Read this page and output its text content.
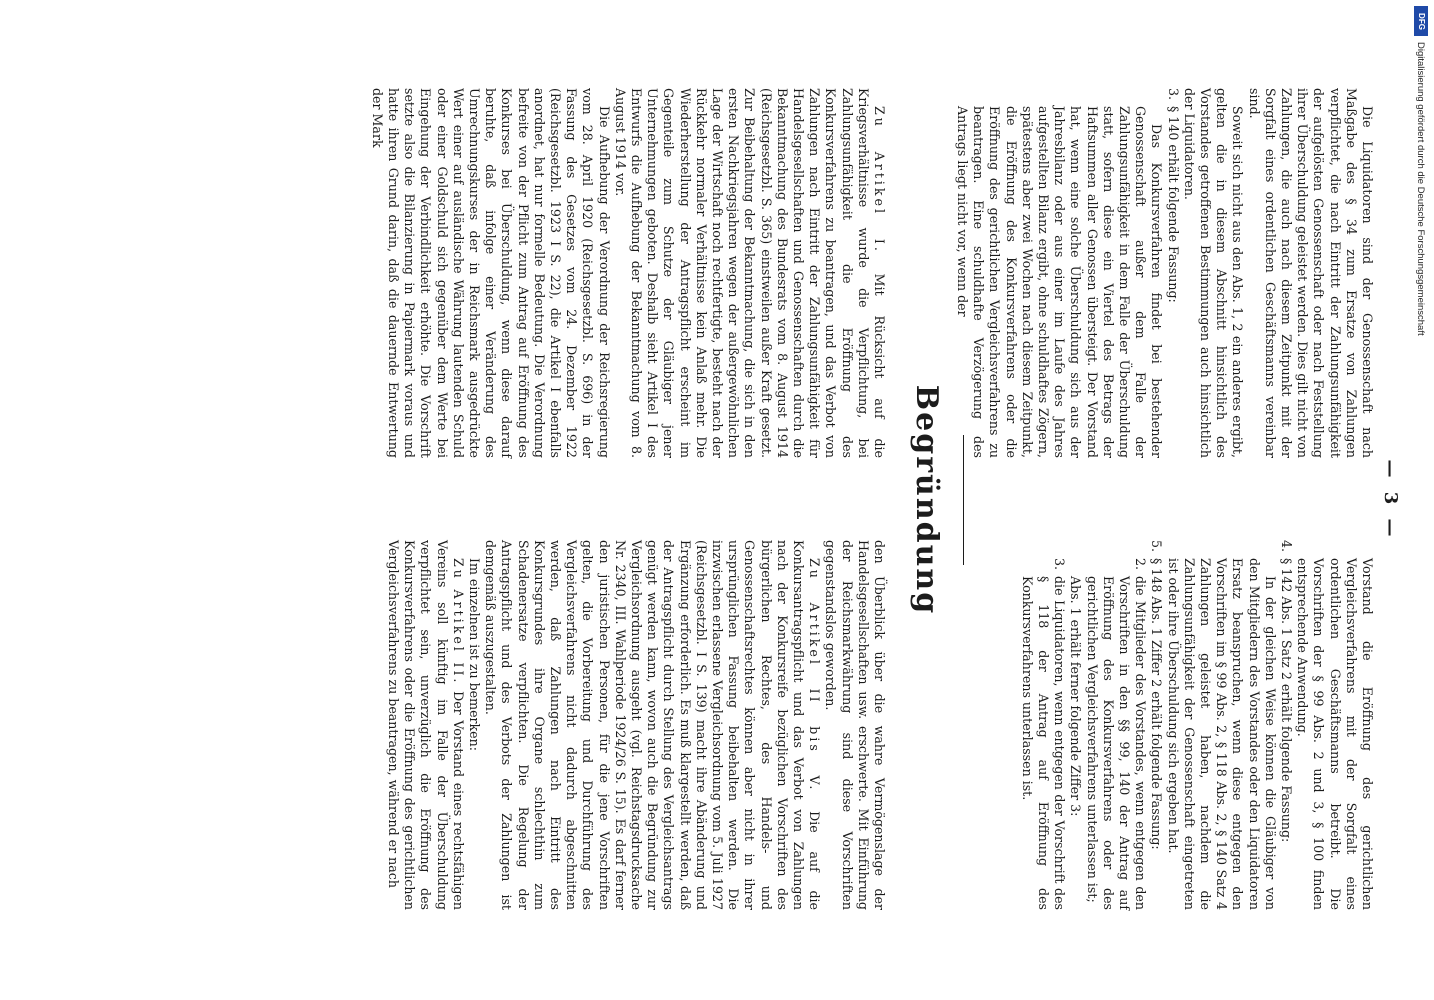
— 3 —

Die Liquidatoren sind der Genossenschaft nach Maßgabe des § 34 zum Ersatze von Zahlungen verpflichtet, die nach Eintritt der Zahlungsunfähigkeit der aufgelösten Genossenschaft oder nach Feststellung ihrer Überschuldung geleistet werden. Dies gilt nicht von Zahlungen, die auch nach diesem Zeitpunkt mit der Sorgfalt eines ordentlichen Geschäftsmanns vereinbar sind.

Soweit sich nicht aus den Abs. 1, 2 ein anderes ergibt, gelten die in diesem Abschnitt hinsichtlich des Vorstandes getroffenen Bestimmungen auch hinsichtlich der Liquidatoren.

3.
§ 140 erhält folgende Fassung:

Das Konkursverfahren findet bei bestehender Genossenschaft außer dem Falle der Zahlungsunfähigkeit in dem Falle der Überschuldung statt, sofern diese ein Viertel des Betrags der Haftsummen aller Genossen übersteigt. Der Vorstand hat, wenn eine solche Überschuldung sich aus der Jahresbilanz oder aus einer im Laufe des Jahres aufgestellten Bilanz ergibt, ohne schuldhaftes Zögern, spätestens aber zwei Wochen nach diesem Zeitpunkt, die Eröffnung des Konkursverfahrens oder die Eröffnung des gerichtlichen Vergleichsverfahrens zu beantragen. Eine schuldhafte Verzögerung des Antrags liegt nicht vor, wenn der

Vorstand die Eröffnung des gerichtlichen Vergleichsverfahrens mit der Sorgfalt eines ordentlichen Geschäftsmanns betreibt. Die Vorschriften der § 99 Abs. 2 und 3, § 100 finden entsprechende Anwendung.

4.
§ 142 Abs. 1 Satz 2 erhält folgende Fassung:

In der gleichen Weise können die Gläubiger von den Mitgliedern des Vorstandes oder den Liquidatoren Ersatz beanspruchen, wenn diese entgegen den Vorschriften im § 99 Abs. 2, § 118 Abs. 2, § 140 Satz 4 Zahlungen geleistet haben, nachdem die Zahlungsunfähigkeit der Genossenschaft eingetreten ist oder ihre Überschuldung sich ergeben hat.

5.
§ 148 Abs. 1 Ziffer 2 erhält folgende Fassung:

2.
die Mitglieder des Vorstandes, wenn entgegen den Vorschriften in den §§ 99, 140 der Antrag auf Eröffnung des Konkursverfahrens oder des gerichtlichen Vergleichsverfahrens unterlassen ist;

Abs. 1 erhält ferner folgende Ziffer 3:

3.
die Liquidatoren, wenn entgegen der Vorschrift des § 118 der Antrag auf Eröffnung des Konkursverfahrens unterlassen ist.

Begründung

Zu Artikel I. Mit Rücksicht auf die Kriegsverhältnisse wurde die Verpflichtung, bei Zahlungsunfähigkeit die Eröffnung des Konkursverfahrens zu beantragen, und das Verbot von Zahlungen nach Eintritt der Zahlungsunfähigkeit für Handelsgesellschaften und Genossenschaften durch die Bekanntmachung des Bundesrats vom 8. August 1914 (Reichsgesetzbl. S. 365) einstweilen außer Kraft gesetzt. Zur Beibehaltung der Bekanntmachung, die sich in den ersten Nachkriegsjahren wegen der außergewöhnlichen Lage der Wirtschaft noch rechtfertigte, besteht nach der Rückkehr normaler Verhältnisse kein Anlaß mehr. Die Wiederherstellung der Antragspflicht erscheint im Gegenteile zum Schutze der Gläubiger jener Unternehmungen geboten. Deshalb sieht Artikel I des Entwurfs die Aufhebung der Bekanntmachung vom 8. August 1914 vor.

Die Aufhebung der Verordnung der Reichsregierung vom 28. April 1920 (Reichsgesetzbl. S. 696) in der Fassung des Gesetzes vom 24. Dezember 1922 (Reichsgesetzbl. 1923 I S. 22), die Artikel I ebenfalls anordnet, hat nur formelle Bedeutung. Die Verordnung befreite von der Pflicht zum Antrag auf Eröffnung des Konkurses bei Überschuldung, wenn diese darauf beruhte, daß infolge einer Veränderung des Umrechnungskurses der in Reichsmark ausgedrückte Wert einer auf ausländische Währung lautenden Schuld oder einer Goldschuld sich gegenüber dem Werte bei Eingehung der Verbindlichkeit erhöhte. Die Vorschrift setzte also die Bilanzierung in Papiermark voraus und hatte ihren Grund darin, daß die dauernde Entwertung der Mark

den Überblick über die wahre Vermögenslage der Handelsgesellschaften usw. erschwerte. Mit Einführung der Reichsmarkwährung sind diese Vorschriften gegenstandslos geworden.

Zu Artikel II bis V. Die auf die Konkursantragspflicht und das Verbot von Zahlungen nach der Konkursreife bezüglichen Vorschriften des bürgerlichen Rechtes, des Handels- und Genossenschaftsrechtes können aber nicht in ihrer ursprünglichen Fassung beibehalten werden. Die inzwischen erlassene Vergleichsordnung vom 5. Juli 1927 (Reichsgesetzbl. I S. 139) macht ihre Abänderung und Ergänzung erforderlich. Es muß klargestellt werden, daß der Antragspflicht durch Stellung des Vergleichsantrags genügt werden kann, wovon auch die Begründung zur Vergleichsordnung ausgeht (vgl. Reichstagsdrucksache Nr. 2340, III. Wahlperiode 1924/26 S. 15). Es darf ferner den juristischen Personen, für die jene Vorschriften gelten, die Vorbereitung und Durchführung des Vergleichsverfahrens nicht dadurch abgeschnitten werden, daß Zahlungen nach Eintritt des Konkursgrundes ihre Organe schlechthin zum Schadenersatze verpflichten. Die Regelung der Antragspflicht und des Verbots der Zahlungen ist demgemäß auszugestalten.

Im einzelnen ist zu bemerken:

Zu Artikel II. Der Vorstand eines rechtsfähigen Vereins soll künftig im Falle der Überschuldung verpflichtet sein, unverzüglich die Eröffnung des Konkursverfahrens oder die Eröffnung des gerichtlichen Vergleichsverfahrens zu beantragen, während er nach

DFG
Digitalisierung gefördert durch die Deutsche Forschungsgemeinschaft
